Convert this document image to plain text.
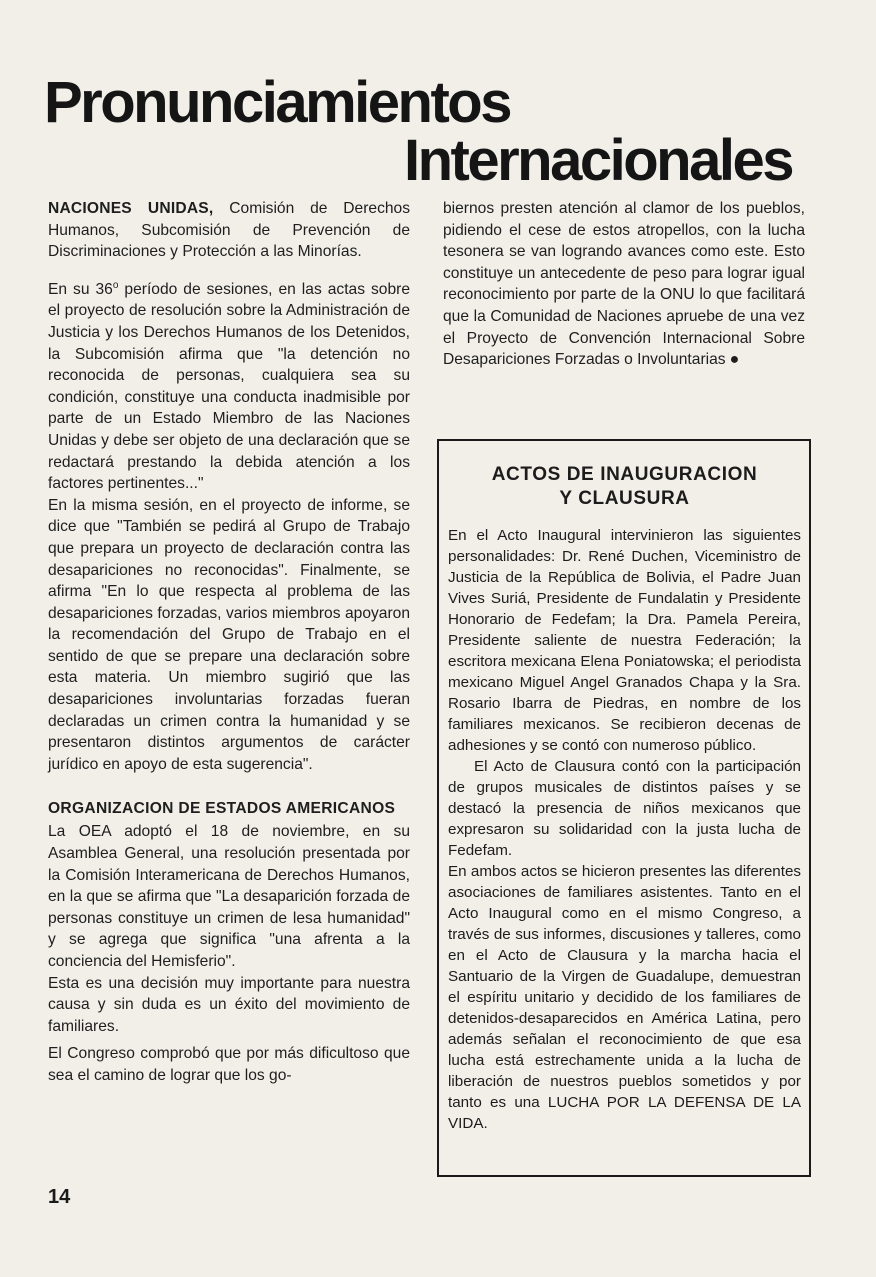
Pronunciamientos
Internacionales

NACIONES UNIDAS, Comisión de Derechos Humanos, Subcomisión de Prevención de Discriminaciones y Protección a las Minorías.

En su 36$^o$ período de sesiones, en las actas sobre el proyecto de resolución sobre la Administración de Justicia y los Derechos Humanos de los Detenidos, la Subcomisión afirma que "la detención no reconocida de personas, cualquiera sea su condición, constituye una conducta inadmisible por parte de un Estado Miembro de las Naciones Unidas y debe ser objeto de una declaración que se redactará prestando la debida atención a los factores pertinentes..."

En la misma sesión, en el proyecto de informe, se dice que "También se pedirá al Grupo de Trabajo que prepara un proyecto de declaración contra las desapariciones no reconocidas". Finalmente, se afirma "En lo que respecta al problema de las desapariciones forzadas, varios miembros apoyaron la recomendación del Grupo de Trabajo en el sentido de que se prepare una declaración sobre esta materia. Un miembro sugirió que las desapariciones involuntarias forzadas fueran declaradas un crimen contra la humanidad y se presentaron distintos argumentos de carácter jurídico en apoyo de esta sugerencia".

ORGANIZACION DE ESTADOS AMERICANOS

La OEA adoptó el 18 de noviembre, en su Asamblea General, una resolución presentada por la Comisión Interamericana de Derechos Humanos, en la que se afirma que "La desaparición forzada de personas constituye un crimen de lesa humanidad" y se agrega que significa "una afrenta a la conciencia del Hemisferio".

Esta es una decisión muy importante para nuestra causa y sin duda es un éxito del movimiento de familiares.

El Congreso comprobó que por más dificultoso que sea el camino de lograr que los go-

biernos presten atención al clamor de los pueblos, pidiendo el cese de estos atropellos, con la lucha tesonera se van logrando avances como este. Esto constituye un antecedente de peso para lograr igual reconocimiento por parte de la ONU lo que facilitará que la Comunidad de Naciones apruebe de una vez el Proyecto de Convención Internacional Sobre Desapariciones Forzadas o Involuntarias ●

ACTOS DE INAUGURACION
Y CLAUSURA

En el Acto Inaugural intervinieron las siguientes personalidades: Dr. René Duchen, Viceministro de Justicia de la República de Bolivia, el Padre Juan Vives Suriá, Presidente de Fundalatin y Presidente Honorario de Fedefam; la Dra. Pamela Pereira, Presidente saliente de nuestra Federación; la escritora mexicana Elena Poniatowska; el periodista mexicano Miguel Angel Granados Chapa y la Sra. Rosario Ibarra de Piedras, en nombre de los familiares mexicanos. Se recibieron decenas de adhesiones y se contó con numeroso público.

El Acto de Clausura contó con la participación de grupos musicales de distintos países y se destacó la presencia de niños mexicanos que expresaron su solidaridad con la justa lucha de Fedefam.

En ambos actos se hicieron presentes las diferentes asociaciones de familiares asistentes. Tanto en el Acto Inaugural como en el mismo Congreso, a través de sus informes, discusiones y talleres, como en el Acto de Clausura y la marcha hacia el Santuario de la Virgen de Guadalupe, demuestran el espíritu unitario y decidido de los familiares de detenidos-desaparecidos en América Latina, pero además señalan el reconocimiento de que esa lucha está estrechamente unida a la lucha de liberación de nuestros pueblos sometidos y por tanto es una LUCHA POR LA DEFENSA DE LA VIDA.

14
